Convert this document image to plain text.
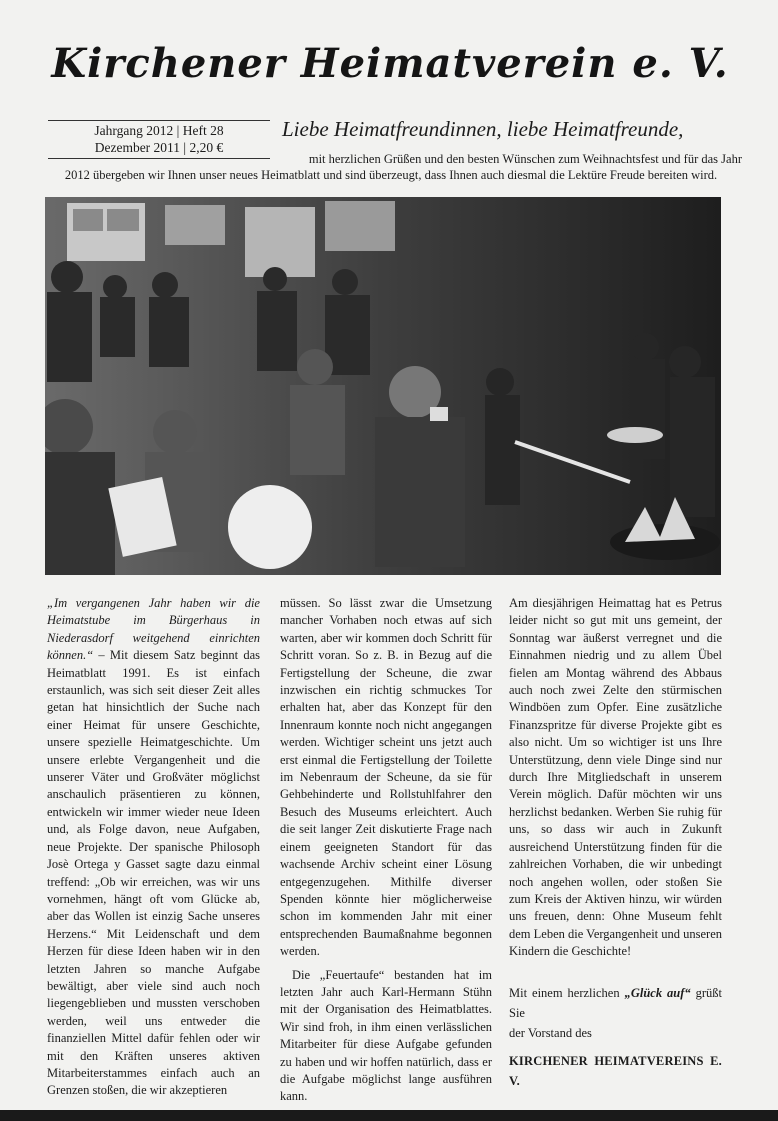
Kirchener Heimatverein e. V.
Jahrgang 2012 | Heft 28
Dezember 2011 | 2,20 €
Liebe Heimatfreundinnen, liebe Heimatfreunde,
mit herzlichen Grüßen und den besten Wünschen zum Weihnachtsfest und für das Jahr
2012 übergeben wir Ihnen unser neues Heimatblatt und sind überzeugt, dass Ihnen auch diesmal die Lektüre Freude bereiten wird.

„Im vergangenen Jahr haben wir die Heimatstube im Bürgerhaus in Niederasdorf weitgehend einrichten können.“ – Mit diesem Satz beginnt das Heimatblatt 1991. Es ist einfach erstaunlich, was sich seit dieser Zeit alles getan hat hinsichtlich der Suche nach einer Heimat für unsere Geschichte, unsere spezielle Heimatgeschichte. Um unsere erlebte Vergangenheit und die unserer Väter und Großväter möglichst anschaulich präsentieren zu können, entwickeln wir immer wieder neue Ideen und, als Folge davon, neue Aufgaben, neue Projekte. Der spanische Philosoph Josè Ortega y Gasset sagte dazu einmal treffend: „Ob wir erreichen, was wir uns vornehmen, hängt oft vom Glücke ab, aber das Wollen ist einzig Sache unseres Herzens.“ Mit Leidenschaft und dem Herzen für diese Ideen haben wir in den letzten Jahren so manche Aufgabe bewältigt, aber viele sind auch noch liegengeblieben und mussten verschoben werden, weil uns entweder die finanziellen Mittel dafür fehlen oder wir mit den Kräften unseres aktiven Mitarbeiterstammes einfach auch an Grenzen stoßen, die wir akzeptieren

müssen. So lässt zwar die Umsetzung mancher Vorhaben noch etwas auf sich warten, aber wir kommen doch Schritt für Schritt voran. So z. B. in Bezug auf die Fertigstellung der Scheune, die zwar inzwischen ein richtig schmuckes Tor erhalten hat, aber das Konzept für den Innenraum konnte noch nicht angegangen werden. Wichtiger scheint uns jetzt auch erst einmal die Fertigstellung der Toilette im Nebenraum der Scheune, da sie für Gehbehinderte und Rollstuhlfahrer den Besuch des Museums erleichtert. Auch die seit langer Zeit diskutierte Frage nach einem geeigneten Standort für das wachsende Archiv scheint einer Lösung entgegenzugehen. Mithilfe diverser Spenden könnte hier möglicherweise schon im kommenden Jahr mit einer entsprechenden Baumaßnahme begonnen werden.

Die „Feuertaufe“ bestanden hat im letzten Jahr auch Karl-Hermann Stühn mit der Organisation des Heimatblattes. Wir sind froh, in ihm einen verlässlichen Mitarbeiter für diese Aufgabe gefunden zu haben und wir hoffen natürlich, dass er die Aufgabe möglichst lange ausführen kann.

Am diesjährigen Heimattag hat es Petrus leider nicht so gut mit uns gemeint, der Sonntag war äußerst verregnet und die Einnahmen niedrig und zu allem Übel fielen am Montag während des Abbaus auch noch zwei Zelte den stürmischen Windböen zum Opfer. Eine zusätzliche Finanzspritze für diverse Projekte gibt es also nicht. Um so wichtiger ist uns Ihre Unterstützung, denn viele Dinge sind nur durch Ihre Mitgliedschaft in unserem Verein möglich. Dafür möchten wir uns herzlichst bedanken. Werben Sie ruhig für uns, so dass wir auch in Zukunft ausreichend Unterstützung finden für die zahlreichen Vorhaben, die wir unbedingt noch angehen wollen, oder stoßen Sie zum Kreis der Aktiven hinzu, wir würden uns freuen, denn: Ohne Museum fehlt dem Leben die Vergangenheit und unseren Kindern die Geschichte!

Mit einem herzlichen „Glück auf“ grüßt Sie
der Vorstand des
KIRCHENER HEIMATVEREINS E. V.
